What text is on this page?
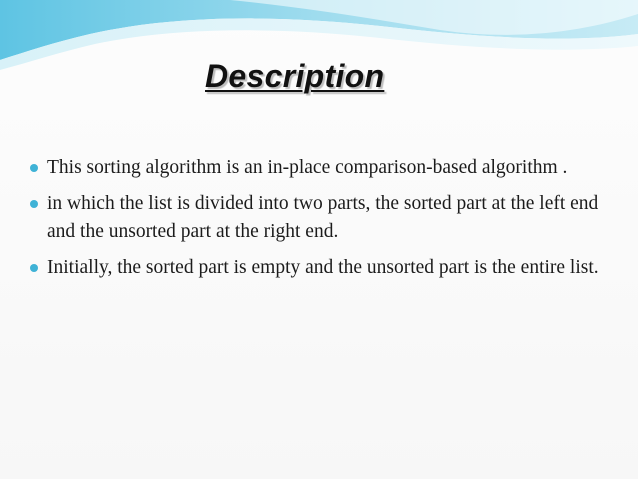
Description
This sorting algorithm is an in-place comparison-based algorithm .
in which the list is divided into two parts, the sorted part at the left end and the unsorted part at the right end.
Initially, the sorted part is empty and the unsorted part is the entire list.
